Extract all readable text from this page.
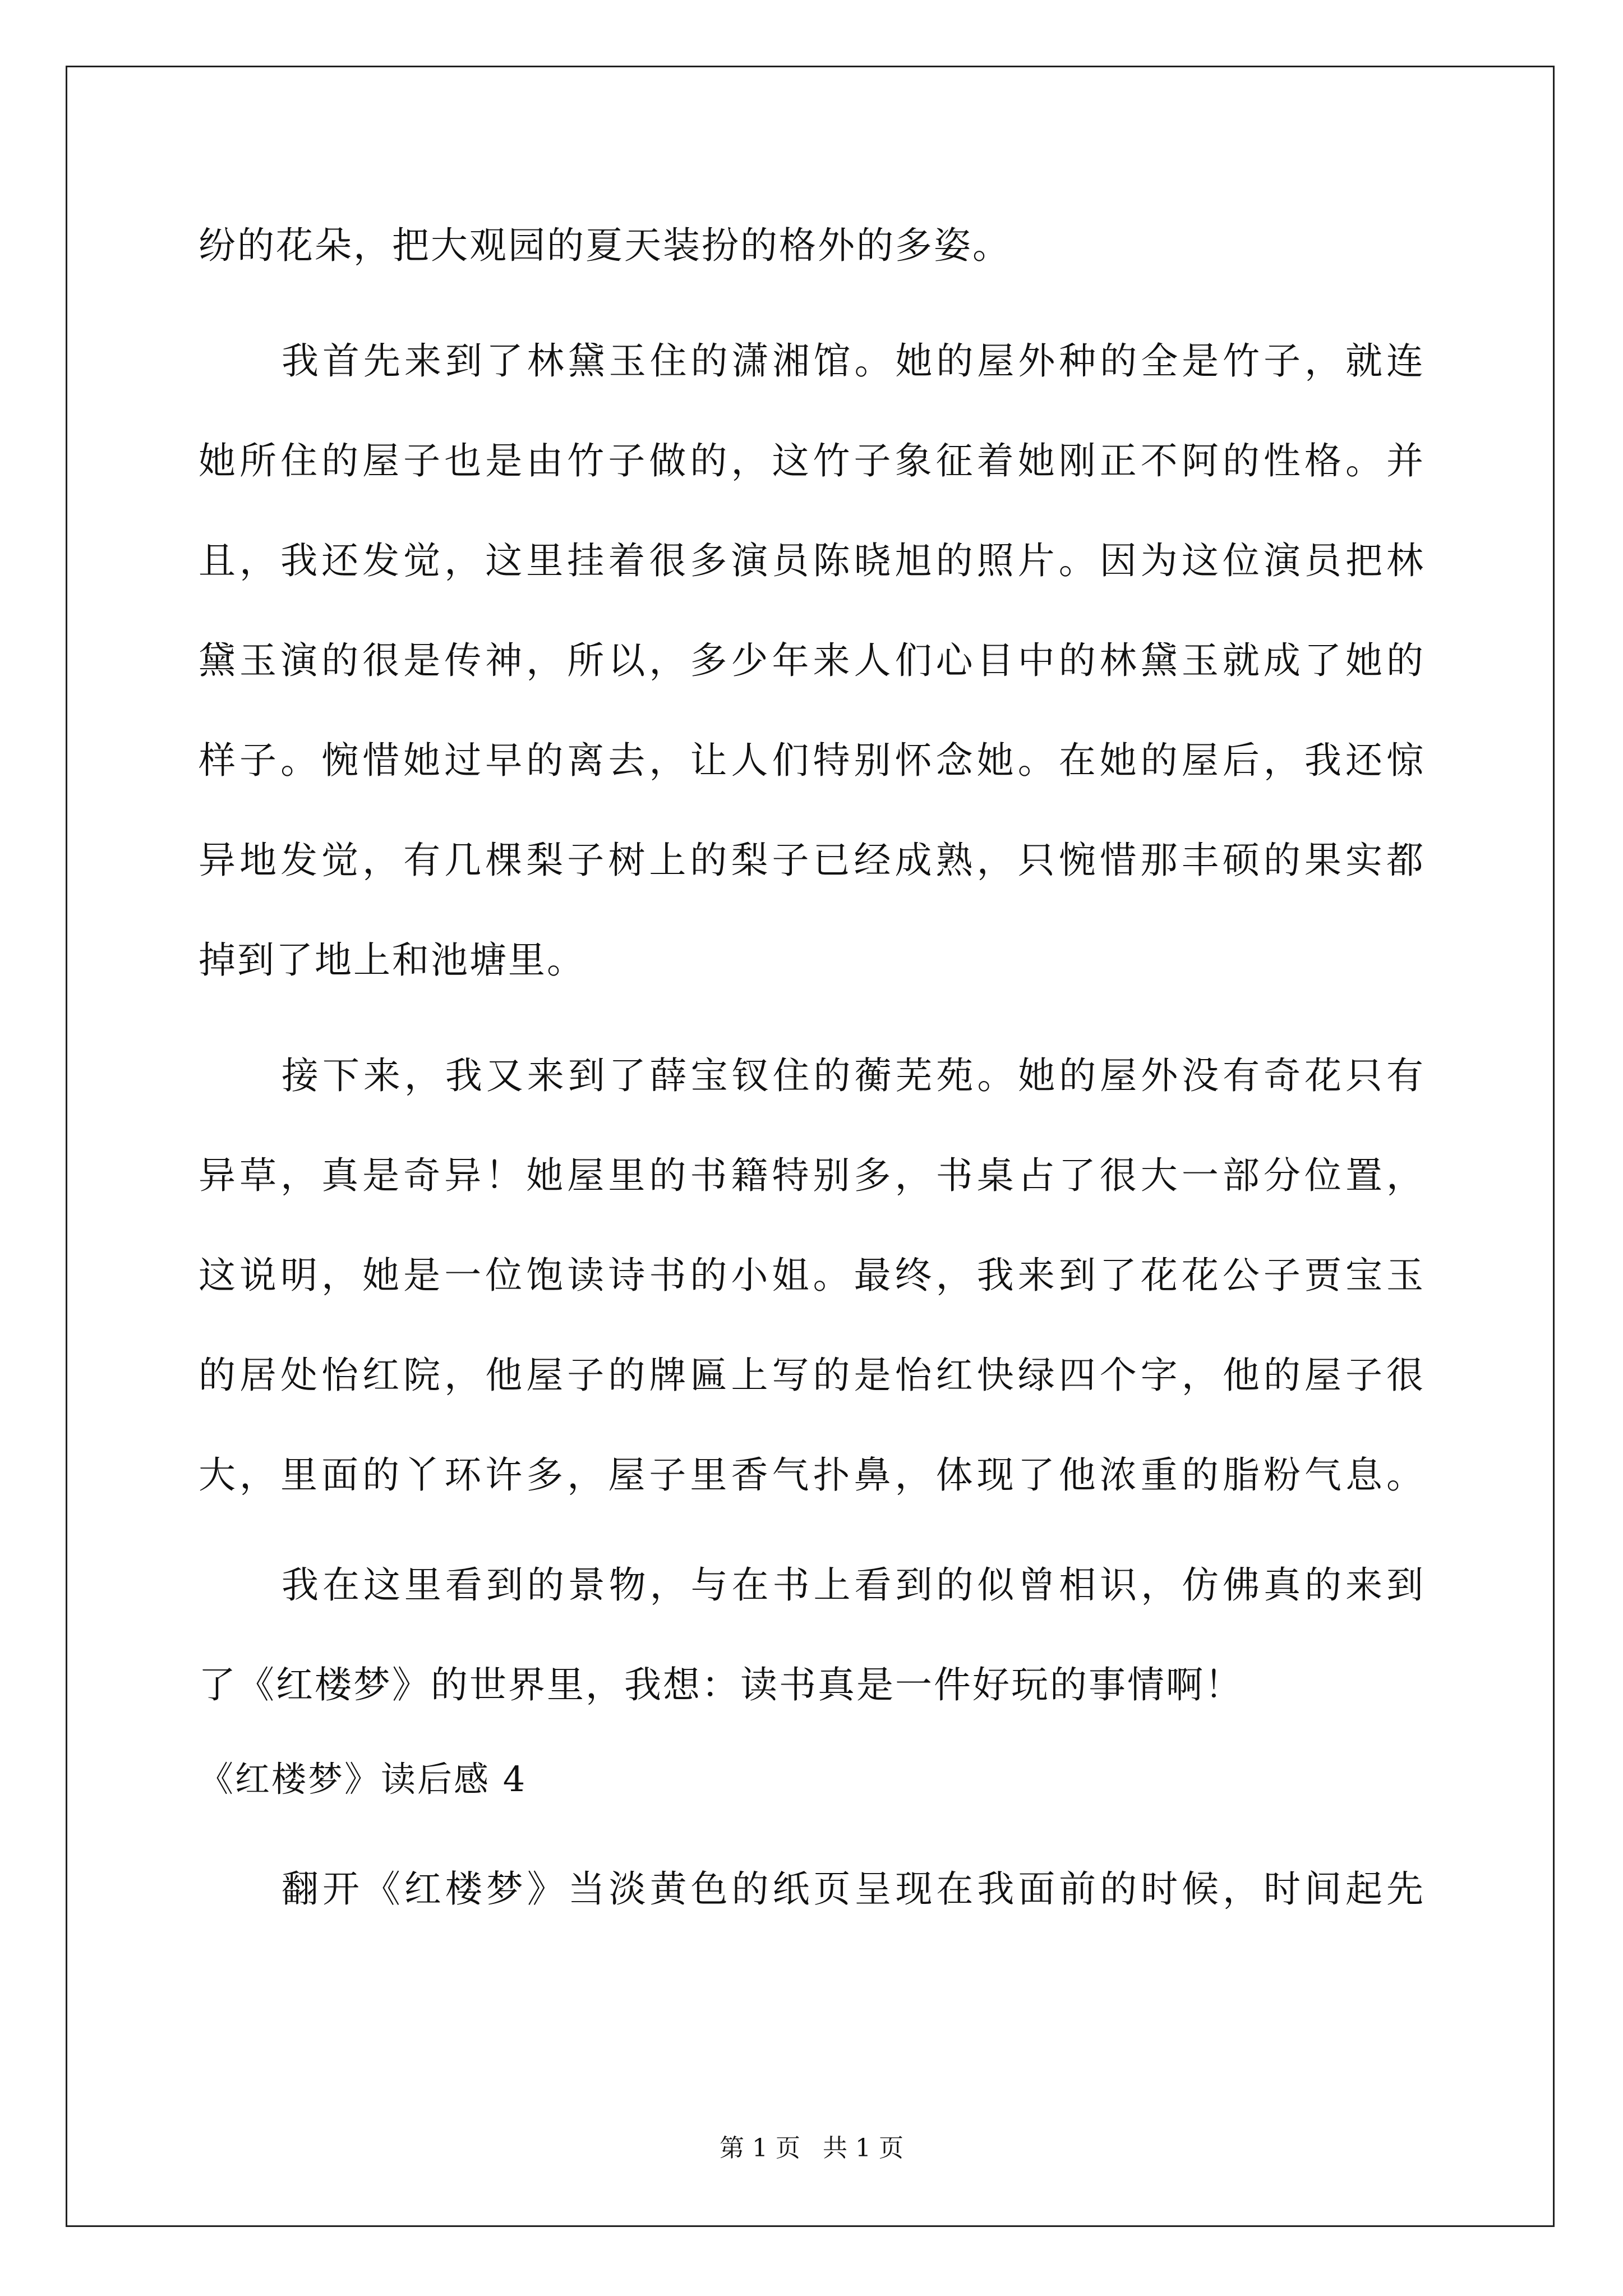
纷的花朵，把大观园的夏天装扮的格外的多姿。
我首先来到了林黛玉住的潇湘馆。她的屋外种的全是竹子，就连
她所住的屋子也是由竹子做的，这竹子象征着她刚正不阿的性格。并
且，我还发觉，这里挂着很多演员陈晓旭的照片。因为这位演员把林
黛玉演的很是传神，所以，多少年来人们心目中的林黛玉就成了她的
样子。惋惜她过早的离去，让人们特别怀念她。在她的屋后，我还惊
异地发觉，有几棵梨子树上的梨子已经成熟，只惋惜那丰硕的果实都
掉到了地上和池塘里。
接下来，我又来到了薛宝钗住的蘅芜苑。她的屋外没有奇花只有
异草，真是奇异！她屋里的书籍特别多，书桌占了很大一部分位置，
这说明，她是一位饱读诗书的小姐。最终，我来到了花花公子贾宝玉
的居处怡红院，他屋子的牌匾上写的是怡红快绿四个字，他的屋子很
大，里面的丫环许多，屋子里香气扑鼻，体现了他浓重的脂粉气息。
我在这里看到的景物，与在书上看到的似曾相识，仿佛真的来到
了《红楼梦》的世界里，我想：读书真是一件好玩的事情啊！
《红楼梦》读后感 4
翻开《红楼梦》当淡黄色的纸页呈现在我面前的时候，时间起先
第 1 页 共 1 页
